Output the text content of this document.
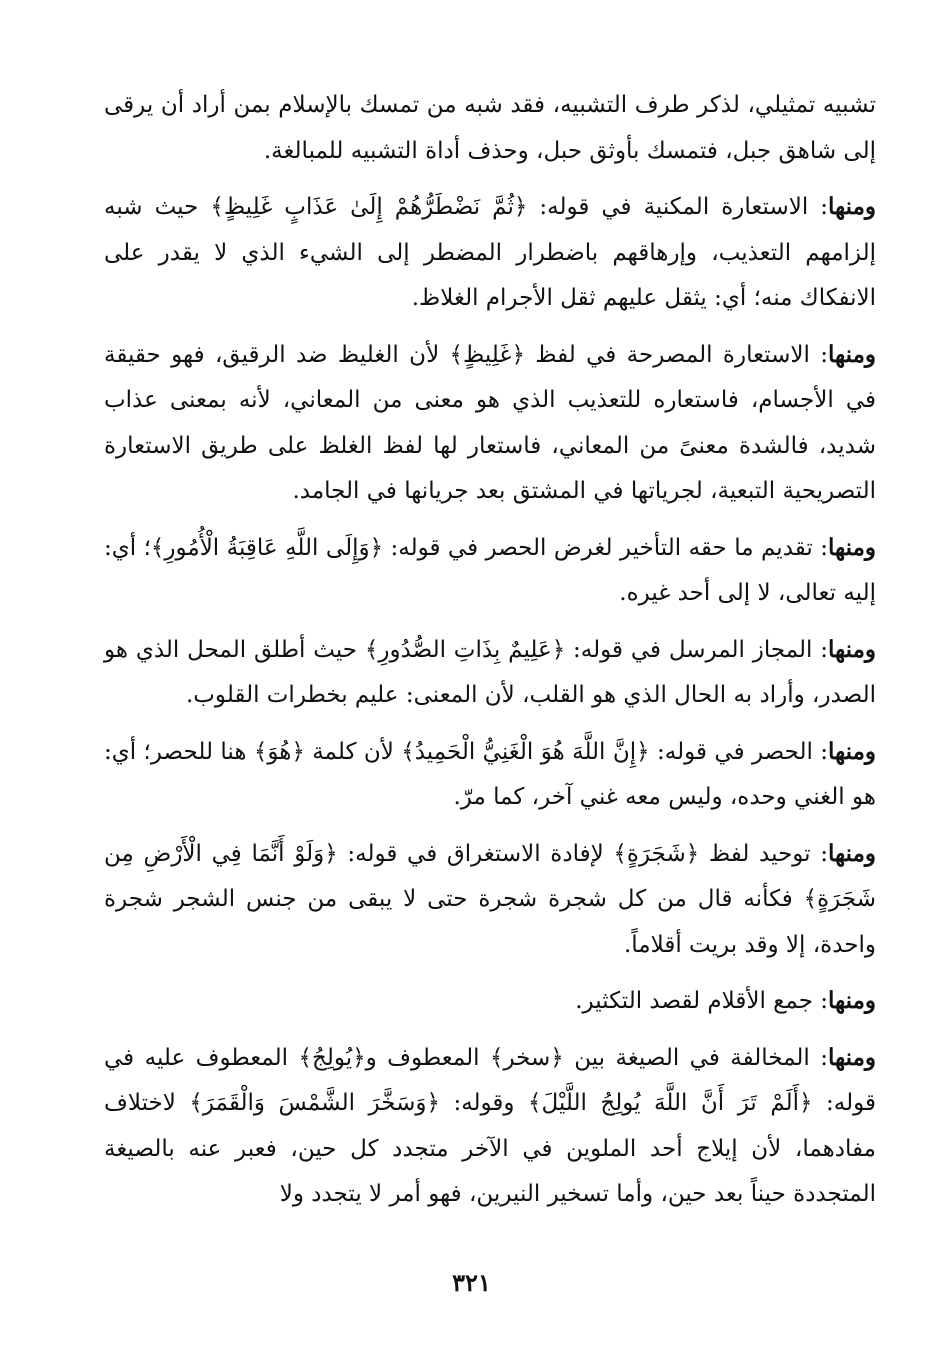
تشبيه تمثيلي، لذكر طرف التشبيه، فقد شبه من تمسك بالإسلام بمن أراد أن يرقى إلى شاهق جبل، فتمسك بأوثق حبل، وحذف أداة التشبيه للمبالغة.

ومنها: الاستعارة المكنية في قوله: ﴿ثُمَّ نَضْطَرُّهُمْ إِلَىٰ عَذَابٍ غَلِيظٍ﴾ حيث شبه إلزامهم التعذيب، وإرهاقهم باضطرار المضطر إلى الشيء الذي لا يقدر على الانفكاك منه؛ أي: يثقل عليهم ثقل الأجرام الغلاظ.

ومنها: الاستعارة المصرحة في لفظ ﴿غَلِيظٍ﴾ لأن الغليظ ضد الرقيق، فهو حقيقة في الأجسام، فاستعاره للتعذيب الذي هو معنى من المعاني، لأنه بمعنى عذاب شديد، فالشدة معنىً من المعاني، فاستعار لها لفظ الغلظ على طريق الاستعارة التصريحية التبعية، لجرياتها في المشتق بعد جريانها في الجامد.

ومنها: تقديم ما حقه التأخير لغرض الحصر في قوله: ﴿وَإِلَى اللَّهِ عَاقِبَةُ الْأُمُورِ﴾؛ أي: إليه تعالى، لا إلى أحد غيره.

ومنها: المجاز المرسل في قوله: ﴿عَلِيمٌ بِذَاتِ الصُّدُورِ﴾ حيث أطلق المحل الذي هو الصدر، وأراد به الحال الذي هو القلب، لأن المعنى: عليم بخطرات القلوب.

ومنها: الحصر في قوله: ﴿إِنَّ اللَّهَ هُوَ الْغَنِيُّ الْحَمِيدُ﴾ لأن كلمة ﴿هُوَ﴾ هنا للحصر؛ أي: هو الغني وحده، وليس معه غني آخر، كما مرّ.

ومنها: توحيد لفظ ﴿شَجَرَةٍ﴾ لإفادة الاستغراق في قوله: ﴿وَلَوْ أَنَّمَا فِي الْأَرْضِ مِن شَجَرَةٍ﴾ فكأنه قال من كل شجرة شجرة حتى لا يبقى من جنس الشجر شجرة واحدة، إلا وقد بريت أقلاماً.

ومنها: جمع الأقلام لقصد التكثير.

ومنها: المخالفة في الصيغة بين ﴿سخر﴾ المعطوف و﴿يُولِجُ﴾ المعطوف عليه في قوله: ﴿أَلَمْ تَرَ أَنَّ اللَّهَ يُولِجُ اللَّيْلَ﴾ وقوله: ﴿وَسَخَّرَ الشَّمْسَ وَالْقَمَرَ﴾ لاختلاف مفادهما، لأن إيلاج أحد الملوين في الآخر متجدد كل حين، فعبر عنه بالصيغة المتجددة حيناً بعد حين، وأما تسخير النيرين، فهو أمر لا يتجدد ولا

٣٢١
